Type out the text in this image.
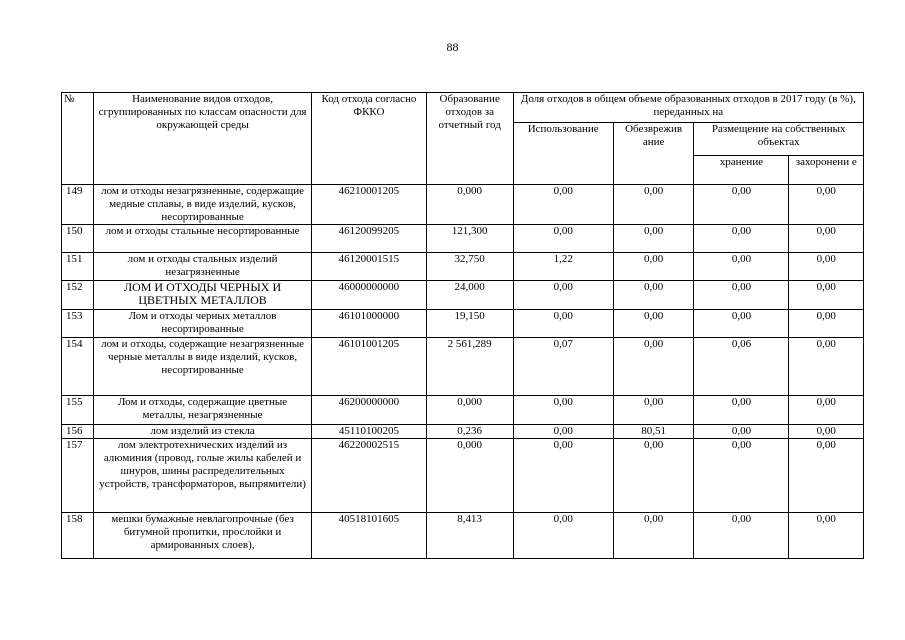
88
№	Наименование видов отходов, сгруппированных по классам опасности для окружающей среды	Код отхода согласно ФККО	Образование отходов за отчетный год	Доля отходов в общем объеме образованных отходов в 2017 году (в %), переданных на			
				Использование	Обезврежив ание	Размещение на собственных объектах	
						хранение	захоронени е
149	лом и отходы незагрязненные, содержащие медные сплавы, в виде изделий, кусков, несортированные	46210001205	0,000	0,00	0,00	0,00	0,00
150	лом и отходы стальные несортированные	46120099205	121,300	0,00	0,00	0,00	0,00
151	лом и отходы стальных изделий незагрязненные	46120001515	32,750	1,22	0,00	0,00	0,00
152	ЛОМ И ОТХОДЫ ЧЕРНЫХ И ЦВЕТНЫХ МЕТАЛЛОВ	46000000000	24,000	0,00	0,00	0,00	0,00
153	Лом и отходы черных металлов несортированные	46101000000	19,150	0,00	0,00	0,00	0,00
154	лом и отходы, содержащие незагрязненные черные металлы в виде изделий, кусков, несортированные	46101001205	2 561,289	0,07	0,00	0,06	0,00
155	Лом и отходы, содержащие цветные металлы, незагрязненные	46200000000	0,000	0,00	0,00	0,00	0,00
156	лом изделий из стекла	45110100205	0,236	0,00	80,51	0,00	0,00
157	лом электротехнических изделий из алюминия (провод, голые жилы кабелей и шнуров, шины распределительных устройств, трансформаторов, выпрямители)	46220002515	0,000	0,00	0,00	0,00	0,00
158	мешки бумажные невлагопрочные (без битумной пропитки, прослойки и армированных слоев),	40518101605	8,413	0,00	0,00	0,00	0,00
